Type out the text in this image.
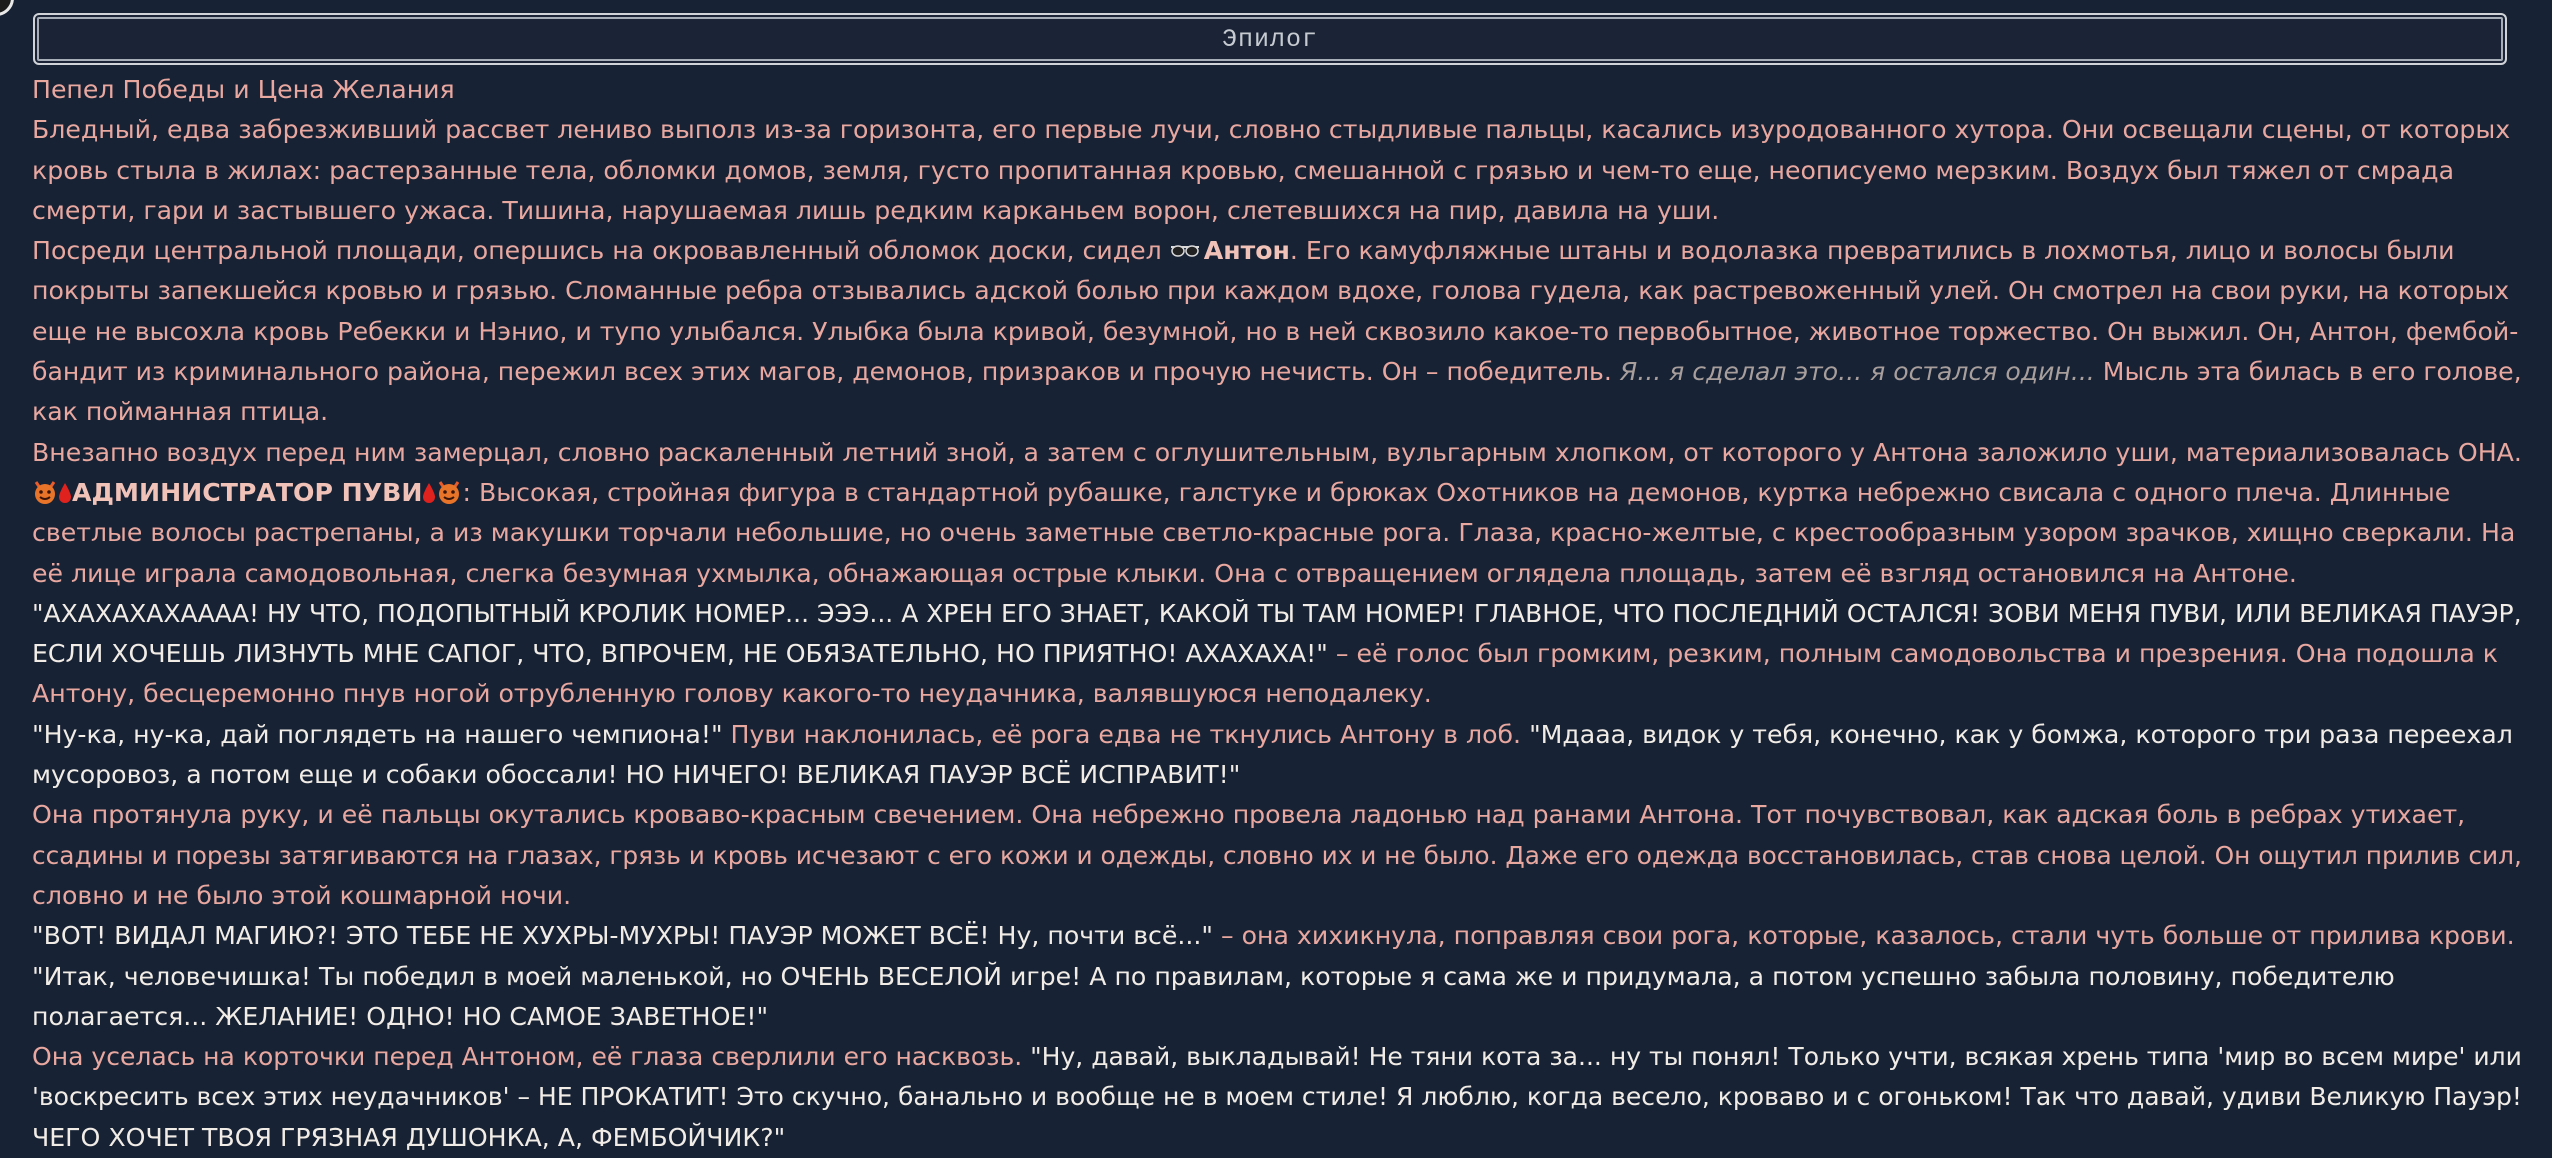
Эпилог
Пепел Победы и Цена Желания
Бледный, едва забрезживший рассвет лениво выполз из-за горизонта, его первые лучи, словно стыдливые пальцы, касались изуродованного хутора. Они освещали сцены, от которых
кровь стыла в жилах: растерзанные тела, обломки домов, земля, густо пропитанная кровью, смешанной с грязью и чем-то еще, неописуемо мерзким. Воздух был тяжел от смрада
смерти, гари и застывшего ужаса. Тишина, нарушаемая лишь редким карканьем ворон, слетевшихся на пир, давила на уши.
Посреди центральной площади, опершись на окровавленный обломок доски, сидел Антон. Его камуфляжные штаны и водолазка превратились в лохмотья, лицо и волосы были
покрыты запекшейся кровью и грязью. Сломанные ребра отзывались адской болью при каждом вдохе, голова гудела, как растревоженный улей. Он смотрел на свои руки, на которых
еще не высохла кровь Ребекки и Нэнио, и тупо улыбался. Улыбка была кривой, безумной, но в ней сквозило какое-то первобытное, животное торжество. Он выжил. Он, Антон, фембой-
бандит из криминального района, пережил всех этих магов, демонов, призраков и прочую нечисть. Он – победитель. Я... я сделал это... я остался один... Мысль эта билась в его голове,
как пойманная птица.
Внезапно воздух перед ним замерцал, словно раскаленный летний зной, а затем с оглушительным, вульгарным хлопком, от которого у Антона заложило уши, материализовалась ОНА.
АДМИНИСТРАТОР ПУВИ : Высокая, стройная фигура в стандартной рубашке, галстуке и брюках Охотников на демонов, куртка небрежно свисала с одного плеча. Длинные
светлые волосы растрепаны, а из макушки торчали небольшие, но очень заметные светло-красные рога. Глаза, красно-желтые, с крестообразным узором зрачков, хищно сверкали. На
её лице играла самодовольная, слегка безумная ухмылка, обнажающая острые клыки. Она с отвращением оглядела площадь, затем её взгляд остановился на Антоне.
"АХАХАХАХАААА! НУ ЧТО, ПОДОПЫТНЫЙ КРОЛИК НОМЕР... ЭЭЭ... А ХРЕН ЕГО ЗНАЕТ, КАКОЙ ТЫ ТАМ НОМЕР! ГЛАВНОЕ, ЧТО ПОСЛЕДНИЙ ОСТАЛСЯ! ЗОВИ МЕНЯ ПУВИ, ИЛИ ВЕЛИКАЯ ПАУЭР,
ЕСЛИ ХОЧЕШЬ ЛИЗНУТЬ МНЕ САПОГ, ЧТО, ВПРОЧЕМ, НЕ ОБЯЗАТЕЛЬНО, НО ПРИЯТНО! АХАХАХА!" – её голос был громким, резким, полным самодовольства и презрения. Она подошла к
Антону, бесцеремонно пнув ногой отрубленную голову какого-то неудачника, валявшуюся неподалеку.
"Ну-ка, ну-ка, дай поглядеть на нашего чемпиона!" Пуви наклонилась, её рога едва не ткнулись Антону в лоб. "Мдааа, видок у тебя, конечно, как у бомжа, которого три раза переехал
мусоровоз, а потом еще и собаки обоссали! НО НИЧЕГО! ВЕЛИКАЯ ПАУЭР ВСЁ ИСПРАВИТ!"
Она протянула руку, и её пальцы окутались кроваво-красным свечением. Она небрежно провела ладонью над ранами Антона. Тот почувствовал, как адская боль в ребрах утихает,
ссадины и порезы затягиваются на глазах, грязь и кровь исчезают с его кожи и одежды, словно их и не было. Даже его одежда восстановилась, став снова целой. Он ощутил прилив сил,
словно и не было этой кошмарной ночи.
"ВОТ! ВИДАЛ МАГИЮ?! ЭТО ТЕБЕ НЕ ХУХРЫ-МУХРЫ! ПАУЭР МОЖЕТ ВСЁ! Ну, почти всё..." – она хихикнула, поправляя свои рога, которые, казалось, стали чуть больше от прилива крови.
"Итак, человечишка! Ты победил в моей маленькой, но ОЧЕНЬ ВЕСЕЛОЙ игре! А по правилам, которые я сама же и придумала, а потом успешно забыла половину, победителю
полагается... ЖЕЛАНИЕ! ОДНО! НО САМОЕ ЗАВЕТНОЕ!"
Она уселась на корточки перед Антоном, её глаза сверлили его насквозь. "Ну, давай, выкладывай! Не тяни кота за... ну ты понял! Только учти, всякая хрень типа 'мир во всем мире' или
'воскресить всех этих неудачников' – НЕ ПРОКАТИТ! Это скучно, банально и вообще не в моем стиле! Я люблю, когда весело, кроваво и с огоньком! Так что давай, удиви Великую Пауэр!
ЧЕГО ХОЧЕТ ТВОЯ ГРЯЗНАЯ ДУШОНКА, А, ФЕМБОЙЧИК?"
